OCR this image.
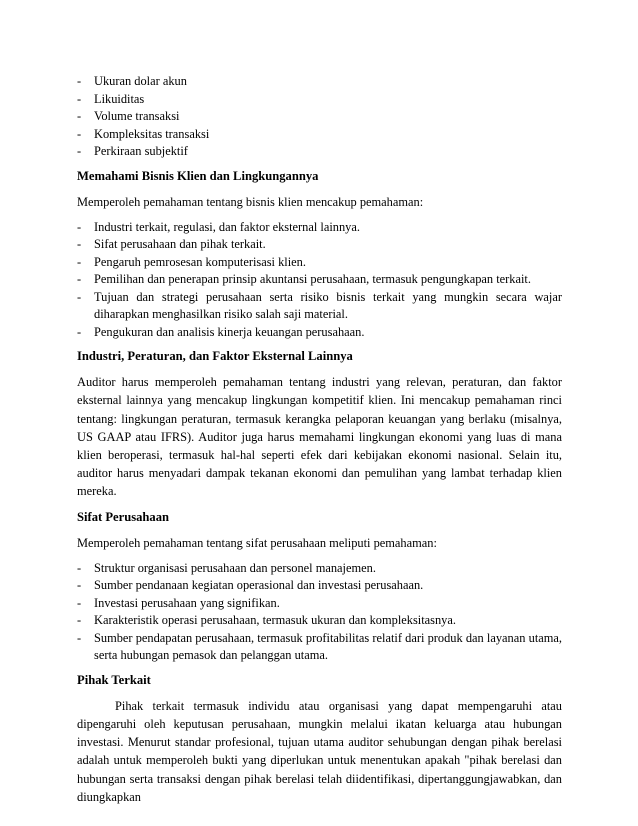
- Ukuran dolar akun
- Likuiditas
- Volume transaksi
- Kompleksitas transaksi
- Perkiraan subjektif
Memahami Bisnis Klien dan Lingkungannya

Memperoleh pemahaman tentang bisnis klien mencakup pemahaman:

- Industri terkait, regulasi, dan faktor eksternal lainnya.
- Sifat perusahaan dan pihak terkait.
- Pengaruh pemrosesan komputerisasi klien.
- Pemilihan dan penerapan prinsip akuntansi perusahaan, termasuk pengungkapan terkait.
- Tujuan dan strategi perusahaan serta risiko bisnis terkait yang mungkin secara wajar diharapkan menghasilkan risiko salah saji material.
- Pengukuran dan analisis kinerja keuangan perusahaan.
Industri, Peraturan, dan Faktor Eksternal Lainnya

Auditor harus memperoleh pemahaman tentang industri yang relevan, peraturan, dan faktor eksternal lainnya yang mencakup lingkungan kompetitif klien. Ini mencakup pemahaman rinci tentang: lingkungan peraturan, termasuk kerangka pelaporan keuangan yang berlaku (misalnya, US GAAP atau IFRS). Auditor juga harus memahami lingkungan ekonomi yang luas di mana klien beroperasi, termasuk hal-hal seperti efek dari kebijakan ekonomi nasional. Selain itu, auditor harus menyadari dampak tekanan ekonomi dan pemulihan yang lambat terhadap klien mereka.

Sifat Perusahaan

Memperoleh pemahaman tentang sifat perusahaan meliputi pemahaman:

- Struktur organisasi perusahaan dan personel manajemen.
- Sumber pendanaan kegiatan operasional dan investasi perusahaan.
- Investasi perusahaan yang signifikan.
- Karakteristik operasi perusahaan, termasuk ukuran dan kompleksitasnya.
- Sumber pendapatan perusahaan, termasuk profitabilitas relatif dari produk dan layanan utama, serta hubungan pemasok dan pelanggan utama.
Pihak Terkait

Pihak terkait termasuk individu atau organisasi yang dapat mempengaruhi atau dipengaruhi oleh keputusan perusahaan, mungkin melalui ikatan keluarga atau hubungan investasi. Menurut standar profesional, tujuan utama auditor sehubungan dengan pihak berelasi adalah untuk memperoleh bukti yang diperlukan untuk menentukan apakah "pihak berelasi dan hubungan serta transaksi dengan pihak berelasi telah diidentifikasi, dipertanggungjawabkan, dan diungkapkan
